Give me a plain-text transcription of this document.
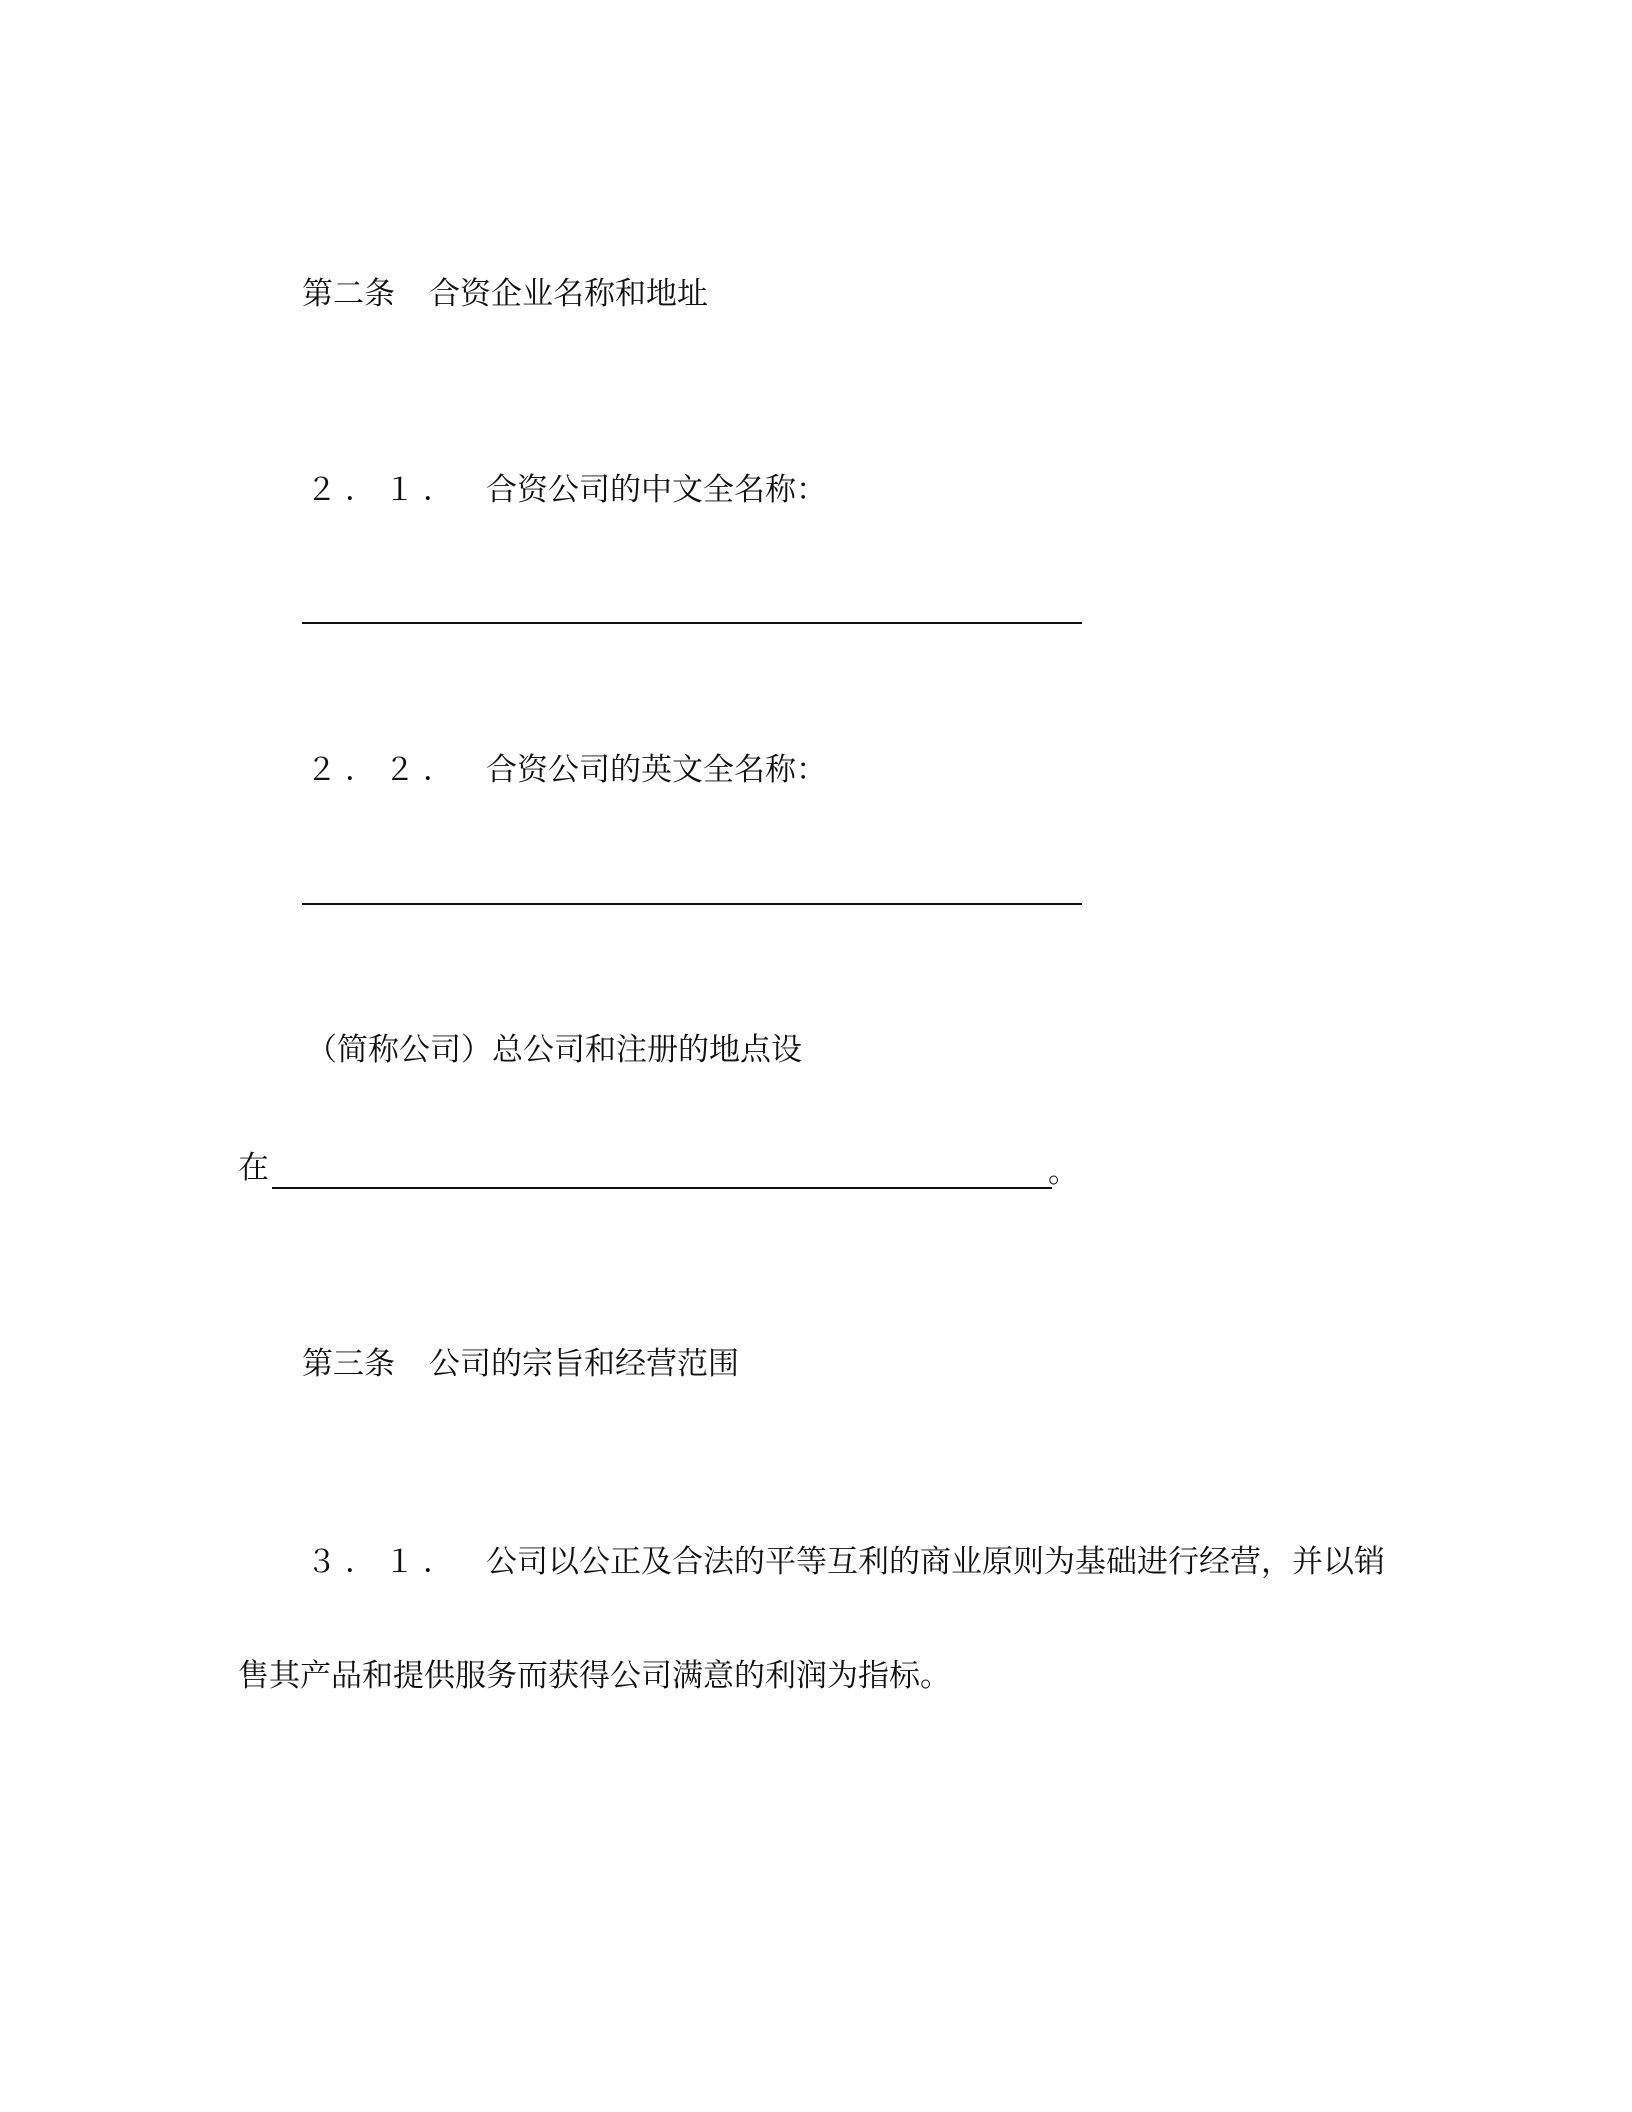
第二条 合资企业名称和地址
２．１． 合资公司的中文全名称：
２．２． 合资公司的英文全名称：
（简称公司）总公司和注册的地点设
在	。
第三条 公司的宗旨和经营范围
３．１． 公司以公正及合法的平等互利的商业原则为基础进行经营，并以销
售其产品和提供服务而获得公司满意的利润为指标。
